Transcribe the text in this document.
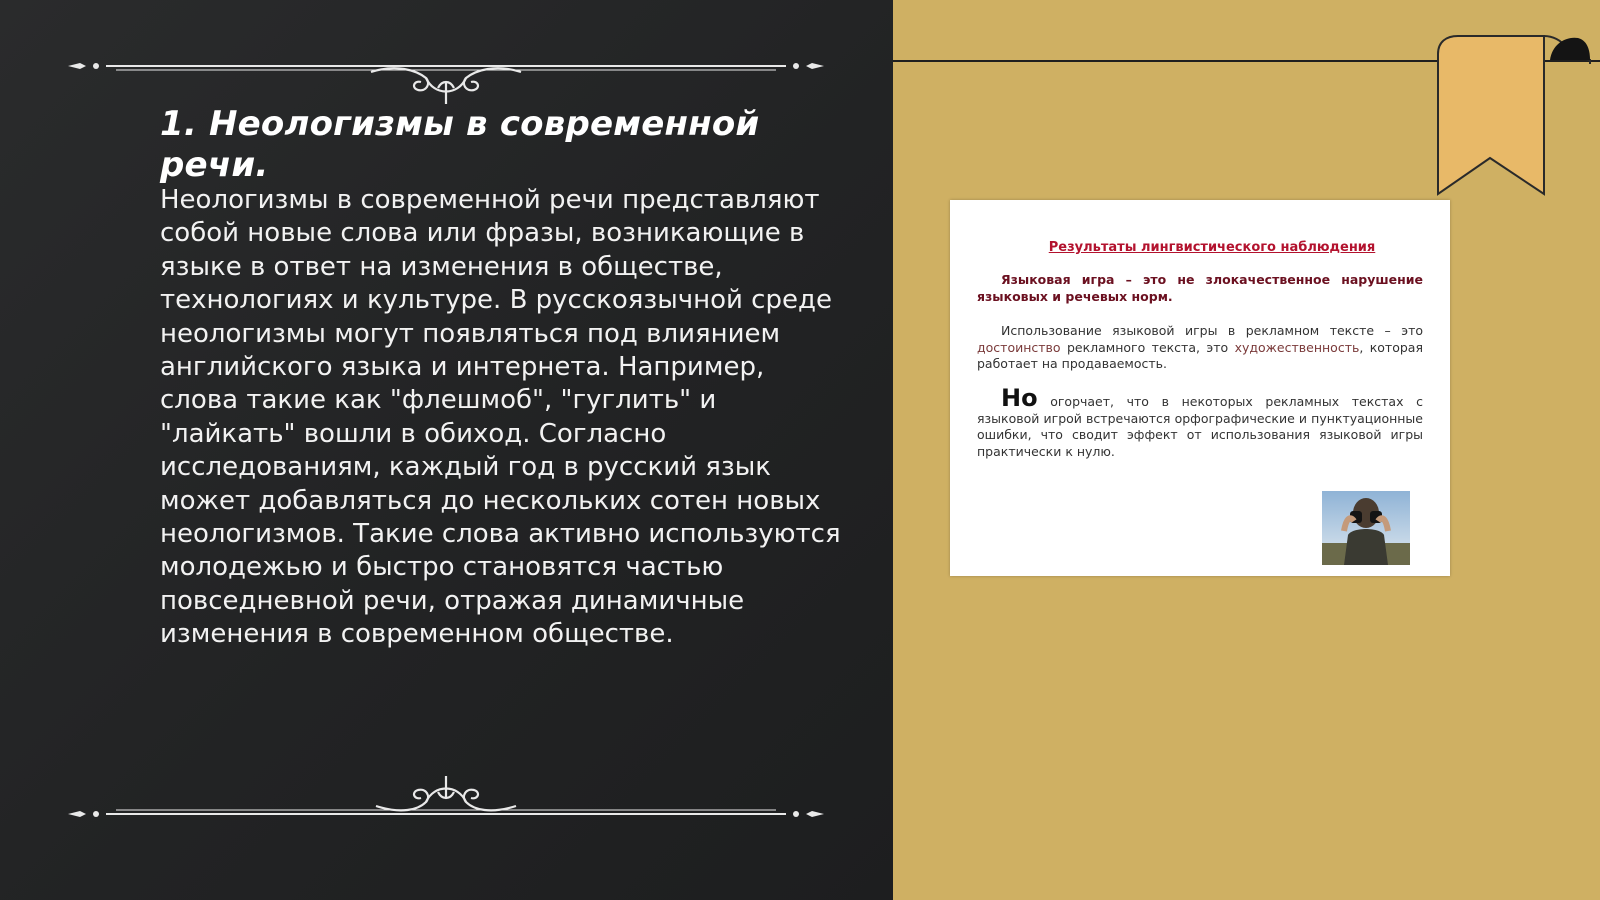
1. Неологизмы в современной речи.

Неологизмы в современной речи представляют собой новые слова или фразы, возникающие в языке в ответ на изменения в обществе, технологиях и культуре. В русскоязычной среде неологизмы могут появляться под влиянием английского языка и интернета. Например, слова такие как "флешмоб", "гуглить" и "лайкать" вошли в обиход. Согласно исследованиям, каждый год в русский язык может добавляться до нескольких сотен новых неологизмов. Такие слова активно используются молодежью и быстро становятся частью повседневной речи, отражая динамичные изменения в современном обществе.

Результаты лингвистического наблюдения

Языковая игра – это не злокачественное нарушение языковых и речевых норм.

Использование языковой игры в рекламном тексте – это достоинство рекламного текста, это художественность, которая работает на продаваемость.

Но огорчает, что в некоторых рекламных текстах с языковой игрой встречаются орфографические и пунктуационные ошибки, что сводит эффект от использования языковой игры практически к нулю.
